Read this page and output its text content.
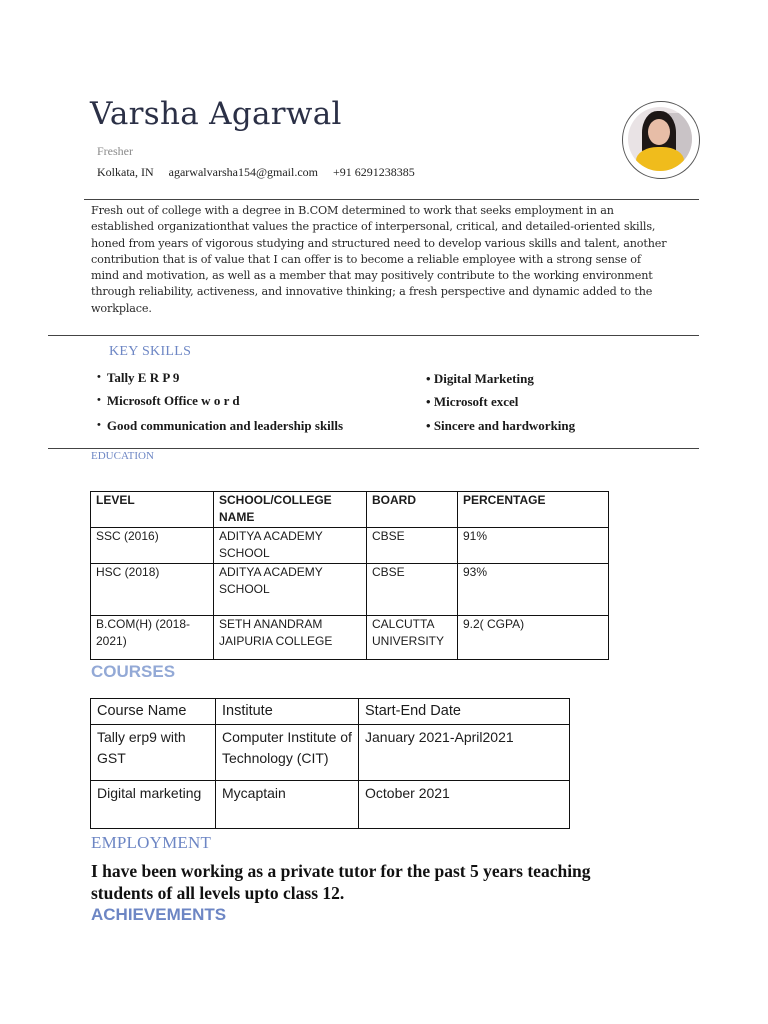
Varsha Agarwal
Fresher
Kolkata, IN agarwalvarsha154@gmail.com +91 6291238385
Fresh out of college with a degree in B.COM determined to work that seeks employment in an established organizationthat values the practice of interpersonal, critical, and detailed-oriented skills, honed from years of vigorous studying and structured need to develop various skills and talent, another contribution that is of value that I can offer is to become a reliable employee with a strong sense of mind and motivation, as well as a member that may positively contribute to the working environment through reliability, activeness, and innovative thinking; a fresh perspective and dynamic added to the workplace.
KEY SKILLS
• Tally E R P 9
• Microsoft Office w o r d
• Good communication and leadership skills
• Digital Marketing
• Microsoft excel
• Sincere and hardworking
EDUCATION
LEVEL	SCHOOL/COLLEGE NAME	BOARD	PERCENTAGE
SSC (2016)	ADITYA ACADEMY SCHOOL	CBSE	91%
HSC (2018)	ADITYA ACADEMY SCHOOL	CBSE	93%
B.COM(H) (2018-2021)	SETH ANANDRAM JAIPURIA COLLEGE	CALCUTTA UNIVERSITY	9.2( CGPA)
COURSES
Course Name	Institute	Start-End Date
Tally erp9 with GST	Computer Institute of Technology (CIT)	January 2021-April2021
Digital marketing	Mycaptain	October 2021
EMPLOYMENT
I have been working as a private tutor for the past 5 years teaching students of all levels upto class 12.
ACHIEVEMENTS
